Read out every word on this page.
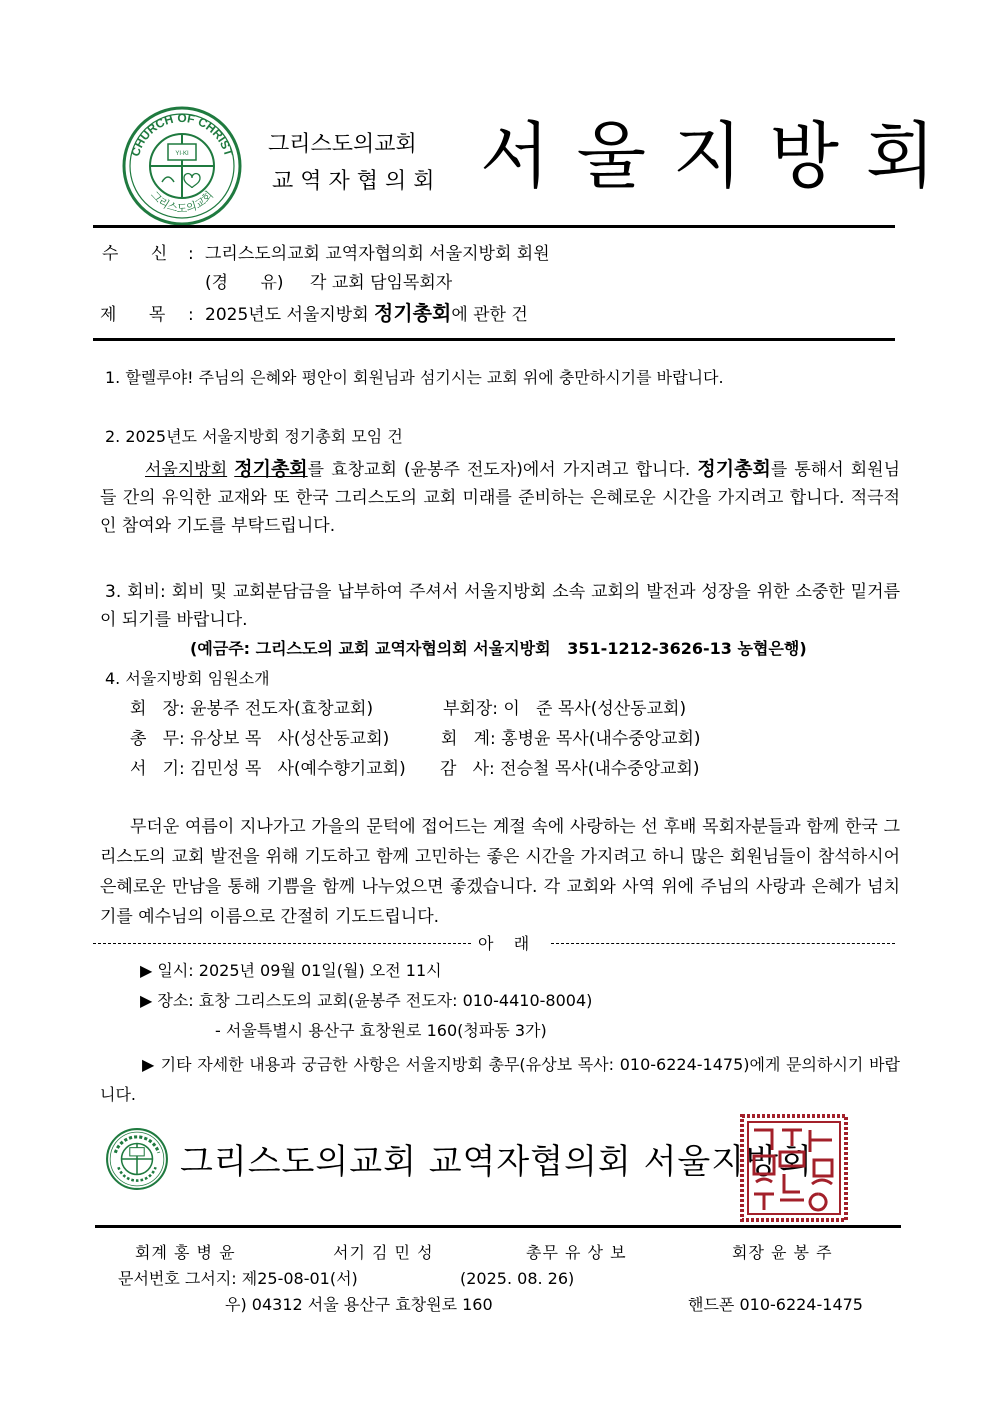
YI·KI
CHURCH OF CHRIST
그리스도의교회
그리스도의교회
교 역 자 협 의 회 서 울 지 방 회
수      신 : 그리스도의교회 교역자협의회 서울지방회 회원
(경      유) 각 교회 담임목회자
제      목 : 2025년도 서울지방회 정기총회에 관한 건
1. 할렐루야! 주님의 은혜와 평안이 회원님과 섬기시는 교회 위에 충만하시기를 바랍니다.
2. 2025년도 서울지방회 정기총회 모임 건
서울지방회 정기총회를 효창교회 (윤봉주 전도자)에서 가지려고 합니다. 정기총회를 통해서 회원님들 간의 유익한 교재와 또 한국 그리스도의 교회 미래를 준비하는 은혜로운 시간을 가지려고 합니다. 적극적인 참여와 기도를 부탁드립니다.
3. 회비: 회비 및 교회분담금을 납부하여 주셔서 서울지방회 소속 교회의 발전과 성장을 위한 소중한 밑거름이 되기를 바랍니다.
(예금주: 그리스도의 교회 교역자협의회 서울지방회   351-1212-3626-13 농협은행)
4. 서울지방회 임원소개
회   장: 윤봉주 전도자(효창교회)	부회장: 이   준 목사(성산동교회)
총   무: 유상보 목   사(성산동교회)	회   계: 홍병윤 목사(내수중앙교회)
서   기: 김민성 목   사(예수향기교회) 감   사: 전승철 목사(내수중앙교회)
무더운 여름이 지나가고 가을의 문턱에 접어드는 계절 속에 사랑하는 선 후배 목회자분들과 함께 한국 그리스도의 교회 발전을 위해 기도하고 함께 고민하는 좋은 시간을 가지려고 하니 많은 회원님들이 참석하시어 은혜로운 만남을 통해 기쁨을 함께 나누었으면 좋겠습니다. 각 교회와 사역 위에 주님의 사랑과 은혜가 넘치기를 예수님의 이름으로 간절히 기도드립니다.
아    래
▶ 일시: 2025년 09월 01일(월) 오전 11시
▶ 장소: 효창 그리스도의 교회(윤봉주 전도자: 010-4410-8004)
- 서울특별시 용산구 효창원로 160(청파동 3가)
▶ 기타 자세한 내용과 궁금한 사항은 서울지방회 총무(유상보 목사: 010-6224-1475)에게 문의하시기 바랍니다.
그리스도의교회 교역자협의회 서울지방회
회계 홍 병 윤	서기 김 민 성	총무 유 상 보	회장 윤 봉 주
문서번호 그서지: 제25-08-01(서)	(2025. 08. 26)
우) 04312 서울 용산구 효창원로 160	핸드폰 010-6224-1475
